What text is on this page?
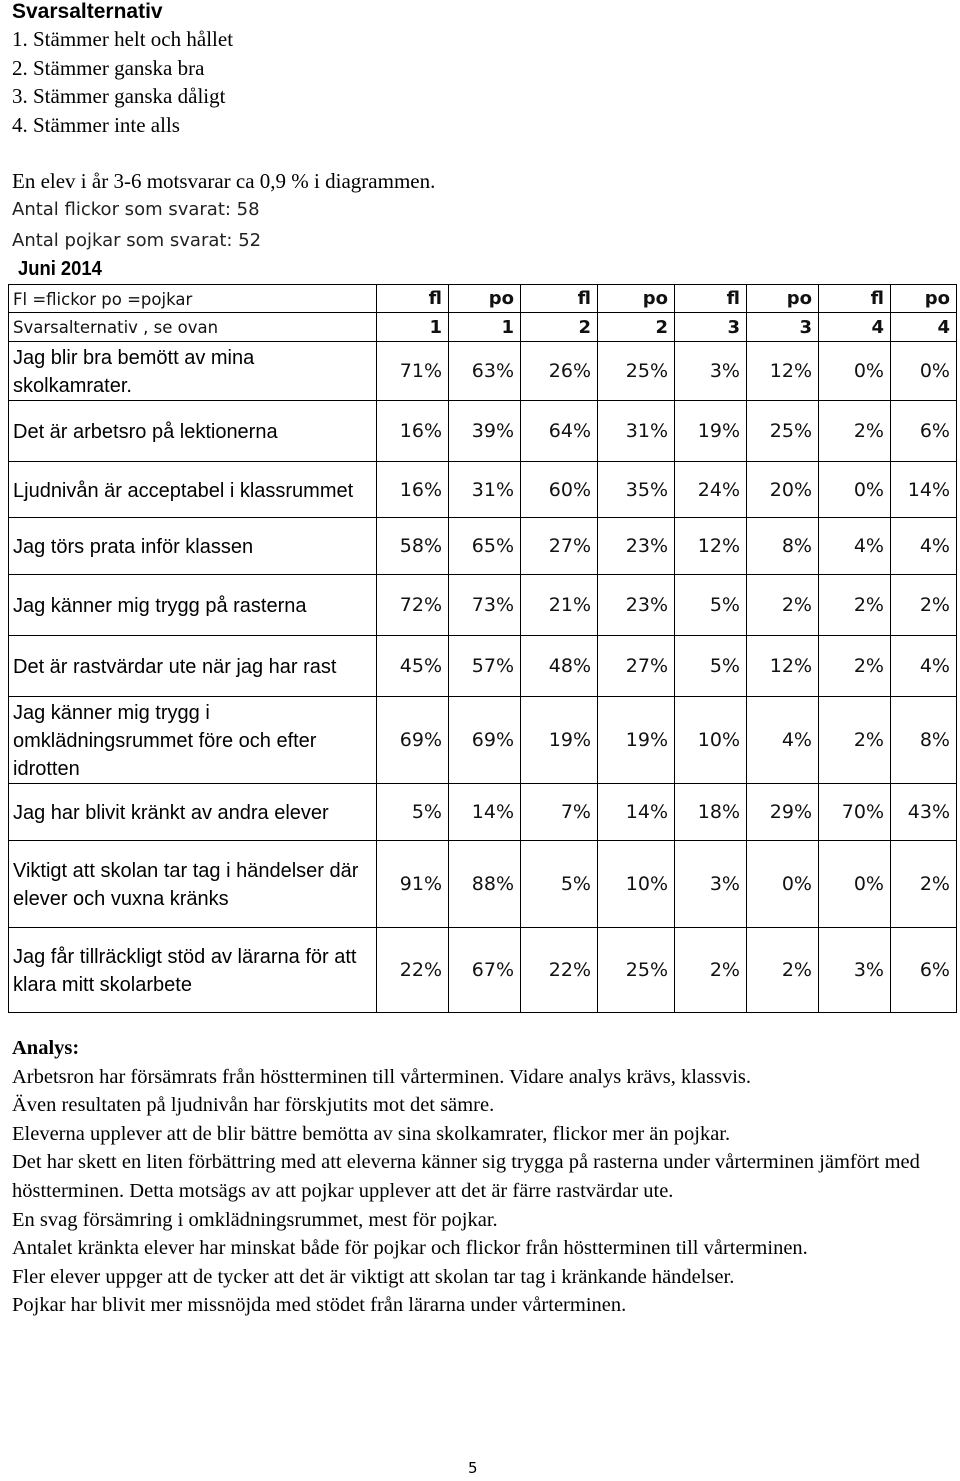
Svarsalternativ
1. Stämmer helt och hållet
2. Stämmer ganska bra
3. Stämmer ganska dåligt
4. Stämmer inte alls
En elev i år 3-6 motsvarar ca 0,9 % i diagrammen.
Antal flickor som svarat: 58
Antal pojkar som svarat: 52
Juni 2014
Fl =flickor po =pojkar	fl	po	fl	po	fl	po	fl	po
Svarsalternativ , se ovan	1	1	2	2	3	3	4	4
Jag blir bra bemött av mina skolkamrater.	71%	63%	26%	25%	3%	12%	0%	0%
Det är arbetsro på lektionerna	16%	39%	64%	31%	19%	25%	2%	6%
Ljudnivån är acceptabel i klassrummet	16%	31%	60%	35%	24%	20%	0%	14%
Jag törs prata inför klassen	58%	65%	27%	23%	12%	8%	4%	4%
Jag känner mig trygg på rasterna	72%	73%	21%	23%	5%	2%	2%	2%
Det är rastvärdar ute när jag har rast	45%	57%	48%	27%	5%	12%	2%	4%
Jag känner mig trygg i omklädningsrummet före och efter idrotten	69%	69%	19%	19%	10%	4%	2%	8%
Jag har blivit kränkt av andra elever	5%	14%	7%	14%	18%	29%	70%	43%
Viktigt att skolan tar tag i händelser där elever och vuxna kränks	91%	88%	5%	10%	3%	0%	0%	2%
Jag får tillräckligt stöd av lärarna för att klara mitt skolarbete	22%	67%	22%	25%	2%	2%	3%	6%
Analys:

Arbetsron har försämrats från höstterminen till vårterminen. Vidare analys krävs, klassvis.

Även resultaten på ljudnivån har förskjutits mot det sämre.

Eleverna upplever att de blir bättre bemötta av sina skolkamrater, flickor mer än pojkar.

Det har skett en liten förbättring med att eleverna känner sig trygga på rasterna under vårterminen jämfört med höstterminen. Detta motsägs av att pojkar upplever att det är färre rastvärdar ute.

En svag försämring i omklädningsrummet, mest för pojkar.

Antalet kränkta elever har minskat både för pojkar och flickor från höstterminen till vårterminen.

Fler elever uppger att de tycker att det är viktigt att skolan tar tag i kränkande händelser.

Pojkar har blivit mer missnöjda med stödet från lärarna under vårterminen.

5
